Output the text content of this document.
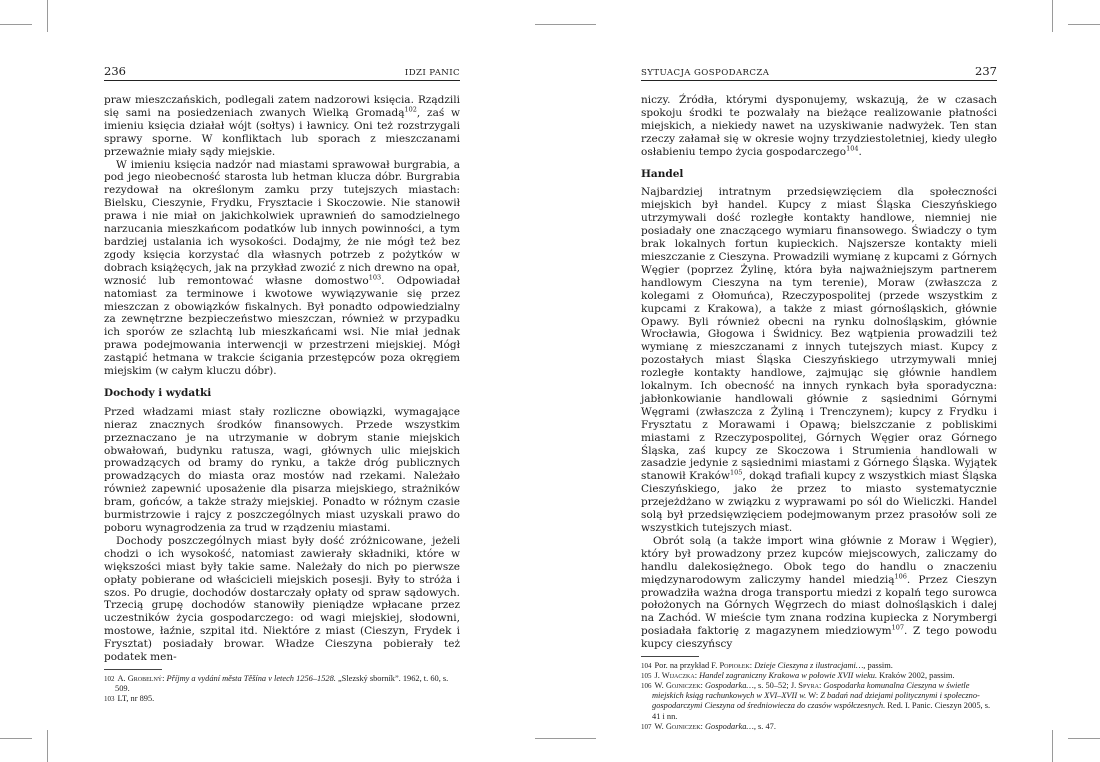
236	IDZI PANIC

praw mieszczańskich, podlegali zatem nadzorowi księcia. Rządzili się sami na posiedzeniach zwanych Wielką Gromadą$^{102}$, zaś w imieniu księcia działał wójt (sołtys) i ławnicy. Oni też rozstrzygali sprawy sporne. W konfliktach lub sporach z mieszczanami przeważnie miały sądy miejskie.

W imieniu księcia nadzór nad miastami sprawował burgrabia, a pod jego nieobecność starosta lub hetman klucza dóbr. Burgrabia rezydował na określonym zamku przy tutejszych miastach: Bielsku, Cieszynie, Frydku, Frysztacie i Skoczowie. Nie stanowił prawa i nie miał on jakichkolwiek uprawnień do samodzielnego narzucania mieszkańcom podatków lub innych powinności, a tym bardziej ustalania ich wysokości. Dodajmy, że nie mógł też bez zgody księcia korzystać dla własnych potrzeb z pożytków w dobrach książęcych, jak na przykład zwozić z nich drewno na opał, wznosić lub remontować własne domostwo$^{103}$. Odpowiadał natomiast za terminowe i kwotowe wywiązywanie się przez mieszczan z obowiązków fiskalnych. Był ponadto odpowiedzialny za zewnętrzne bezpieczeństwo mieszczan, również w przypadku ich sporów ze szlachtą lub mieszkańcami wsi. Nie miał jednak prawa podejmowania interwencji w przestrzeni miejskiej. Mógł zastąpić hetmana w trakcie ścigania przestępców poza okręgiem miejskim (w całym kluczu dóbr).

Dochody i wydatki

Przed władzami miast stały rozliczne obowiązki, wymagające nieraz znacznych środków finansowych. Przede wszystkim przeznaczano je na utrzymanie w dobrym stanie miejskich obwałowań, budynku ratusza, wagi, głównych ulic miejskich prowadzących od bramy do rynku, a także dróg publicznych prowadzących do miasta oraz mostów nad rzekami. Należało również zapewnić uposażenie dla pisarza miejskiego, strażników bram, gońców, a także straży miejskiej. Ponadto w różnym czasie burmistrzowie i rajcy z poszczególnych miast uzyskali prawo do poboru wynagrodzenia za trud w rządzeniu miastami.

Dochody poszczególnych miast były dość zróżnicowane, jeżeli chodzi o ich wysokość, natomiast zawierały składniki, które w większości miast były takie same. Należały do nich po pierwsze opłaty pobierane od właścicieli miejskich posesji. Były to stróża i szos. Po drugie, dochodów dostarczały opłaty od spraw sądowych. Trzecią grupę dochodów stanowiły pieniądze wpłacane przez uczestników życia gospodarczego: od wagi miejskiej, słodowni, mostowe, łaźnie, szpital itd. Niektóre z miast (Cieszyn, Frydek i Frysztat) posiadały browar. Władze Cieszyna pobierały też podatek men-

102 A. Grobelný: Příjmy a vydání města Těšína v letech 1256–1528. „Slezský sborník”. 1962, t. 60, s. 509.
103 LT, nr 895.
SYTUACJA GOSPODARCZA	237

niczy. Źródła, którymi dysponujemy, wskazują, że w czasach spokoju środki te pozwalały na bieżące realizowanie płatności miejskich, a niekiedy nawet na uzyskiwanie nadwyżek. Ten stan rzeczy załamał się w okresie wojny trzydziestoletniej, kiedy uległo osłabieniu tempo życia gospodarczego$^{104}$.

Handel

Najbardziej intratnym przedsięwzięciem dla społeczności miejskich był handel. Kupcy z miast Śląska Cieszyńskiego utrzymywali dość rozległe kontakty handlowe, niemniej nie posiadały one znaczącego wymiaru finansowego. Świadczy o tym brak lokalnych fortun kupieckich. Najszersze kontakty mieli mieszczanie z Cieszyna. Prowadzili wymianę z kupcami z Górnych Węgier (poprzez Żylinę, która była najważniejszym partnerem handlowym Cieszyna na tym terenie), Moraw (zwłaszcza z kolegami z Ołomuńca), Rzeczypospolitej (przede wszystkim z kupcami z Krakowa), a także z miast górnośląskich, głównie Opawy. Byli również obecni na rynku dolnośląskim, głównie Wrocławia, Głogowa i Świdnicy. Bez wątpienia prowadzili też wymianę z mieszczanami z innych tutejszych miast. Kupcy z pozostałych miast Śląska Cieszyńskiego utrzymywali mniej rozległe kontakty handlowe, zajmując się głównie handlem lokalnym. Ich obecność na innych rynkach była sporadyczna: jabłonkowianie handlowali głównie z sąsiednimi Górnymi Węgrami (zwłaszcza z Żyliną i Trenczynem); kupcy z Frydku i Frysztatu z Morawami i Opawą; bielszczanie z pobliskimi miastami z Rzeczypospolitej, Górnych Węgier oraz Górnego Śląska, zaś kupcy ze Skoczowa i Strumienia handlowali w zasadzie jedynie z sąsiednimi miastami z Górnego Śląska. Wyjątek stanowił Kraków$^{105}$, dokąd trafiali kupcy z wszystkich miast Śląska Cieszyńskiego, jako że przez to miasto systematycznie przejeżdżano w związku z wyprawami po sól do Wieliczki. Handel solą był przedsięwzięciem podejmowanym przez prasołów soli ze wszystkich tutejszych miast.

Obrót solą (a także import wina głównie z Moraw i Węgier), który był prowadzony przez kupców miejscowych, zaliczamy do handlu dalekosiężnego. Obok tego do handlu o znaczeniu międzynarodowym zaliczymy handel miedzią$^{106}$. Przez Cieszyn prowadziła ważna droga transportu miedzi z kopalń tego surowca położonych na Górnych Węgrzech do miast dolnośląskich i dalej na Zachód. W mieście tym znana rodzina kupiecka z Norymbergi posiadała faktorię z magazynem miedziowym$^{107}$. Z tego powodu kupcy cieszyńscy

104 Por. na przykład F. Popiołek: Dzieje Cieszyna z ilustracjami…, passim.
105 J. Wijaczka: Handel zagraniczny Krakowa w połowie XVII wieku. Kraków 2002, passim.
106 W. Gojniczek: Gospodarka…, s. 50–52; J. Spyra: Gospodarka komunalna Cieszyna w świetle miejskich ksiąg rachunkowych w XVI–XVII w. W: Z badań nad dziejami politycznymi i społeczno-gospodarczymi Cieszyna od średniowiecza do czasów współczesnych. Red. I. Panic. Cieszyn 2005, s. 41 i nn.
107 W. Gojniczek: Gospodarka…, s. 47.
